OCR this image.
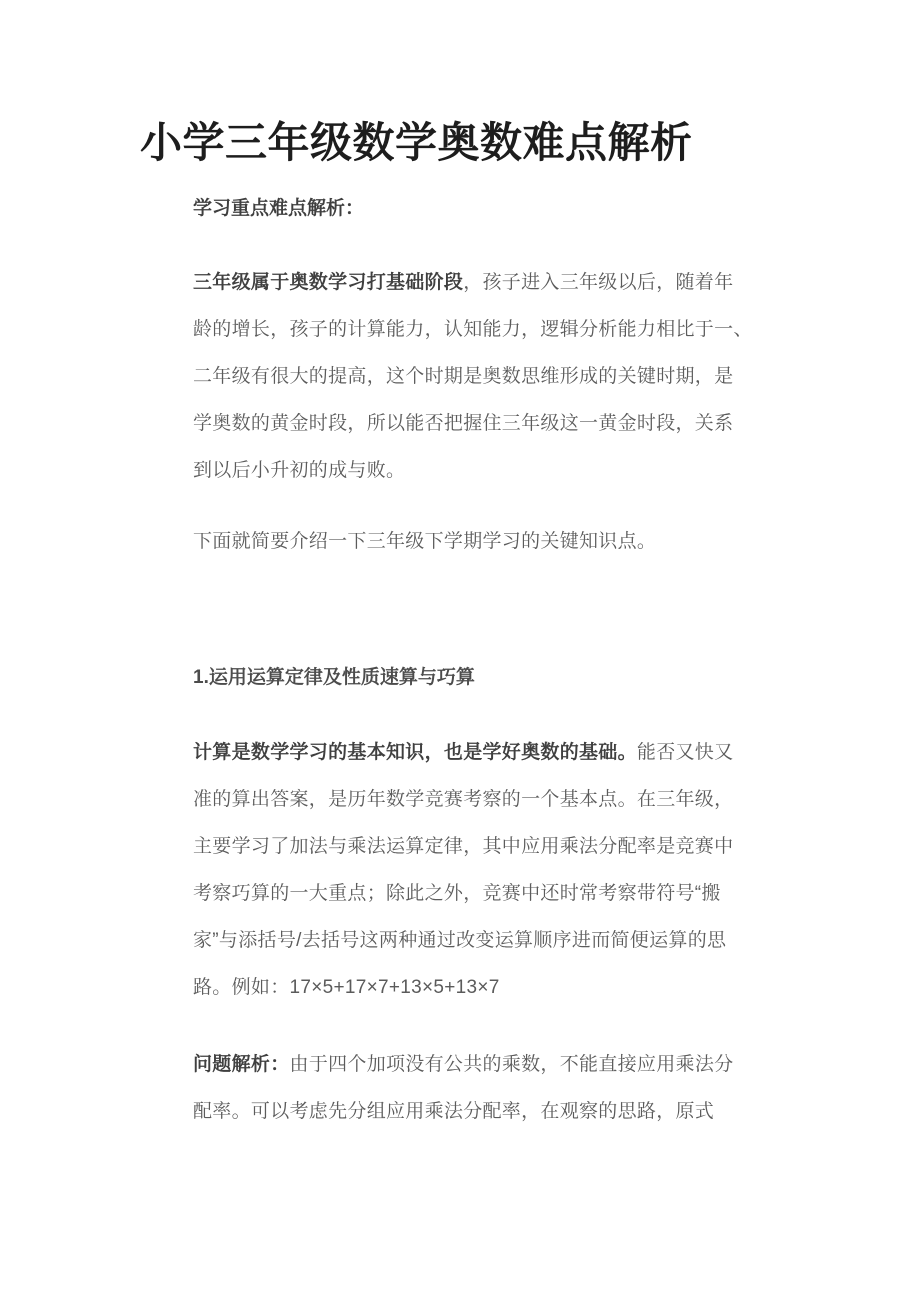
小学三年级数学奥数难点解析
学习重点难点解析：
三年级属于奥数学习打基础阶段，孩子进入三年级以后，随着年
龄的增长，孩子的计算能力，认知能力，逻辑分析能力相比于一、
二年级有很大的提高，这个时期是奥数思维形成的关键时期，是
学奥数的黄金时段，所以能否把握住三年级这一黄金时段，关系
到以后小升初的成与败。
下面就简要介绍一下三年级下学期学习的关键知识点。
1.运用运算定律及性质速算与巧算
计算是数学学习的基本知识，也是学好奥数的基础。能否又快又
准的算出答案，是历年数学竞赛考察的一个基本点。在三年级，
主要学习了加法与乘法运算定律，其中应用乘法分配率是竞赛中
考察巧算的一大重点；除此之外，竞赛中还时常考察带符号“搬
家”与添括号/去括号这两种通过改变运算顺序进而简便运算的思
路。例如：17×5+17×7+13×5+13×7
问题解析：由于四个加项没有公共的乘数，不能直接应用乘法分
配率。可以考虑先分组应用乘法分配率，在观察的思路，原式
